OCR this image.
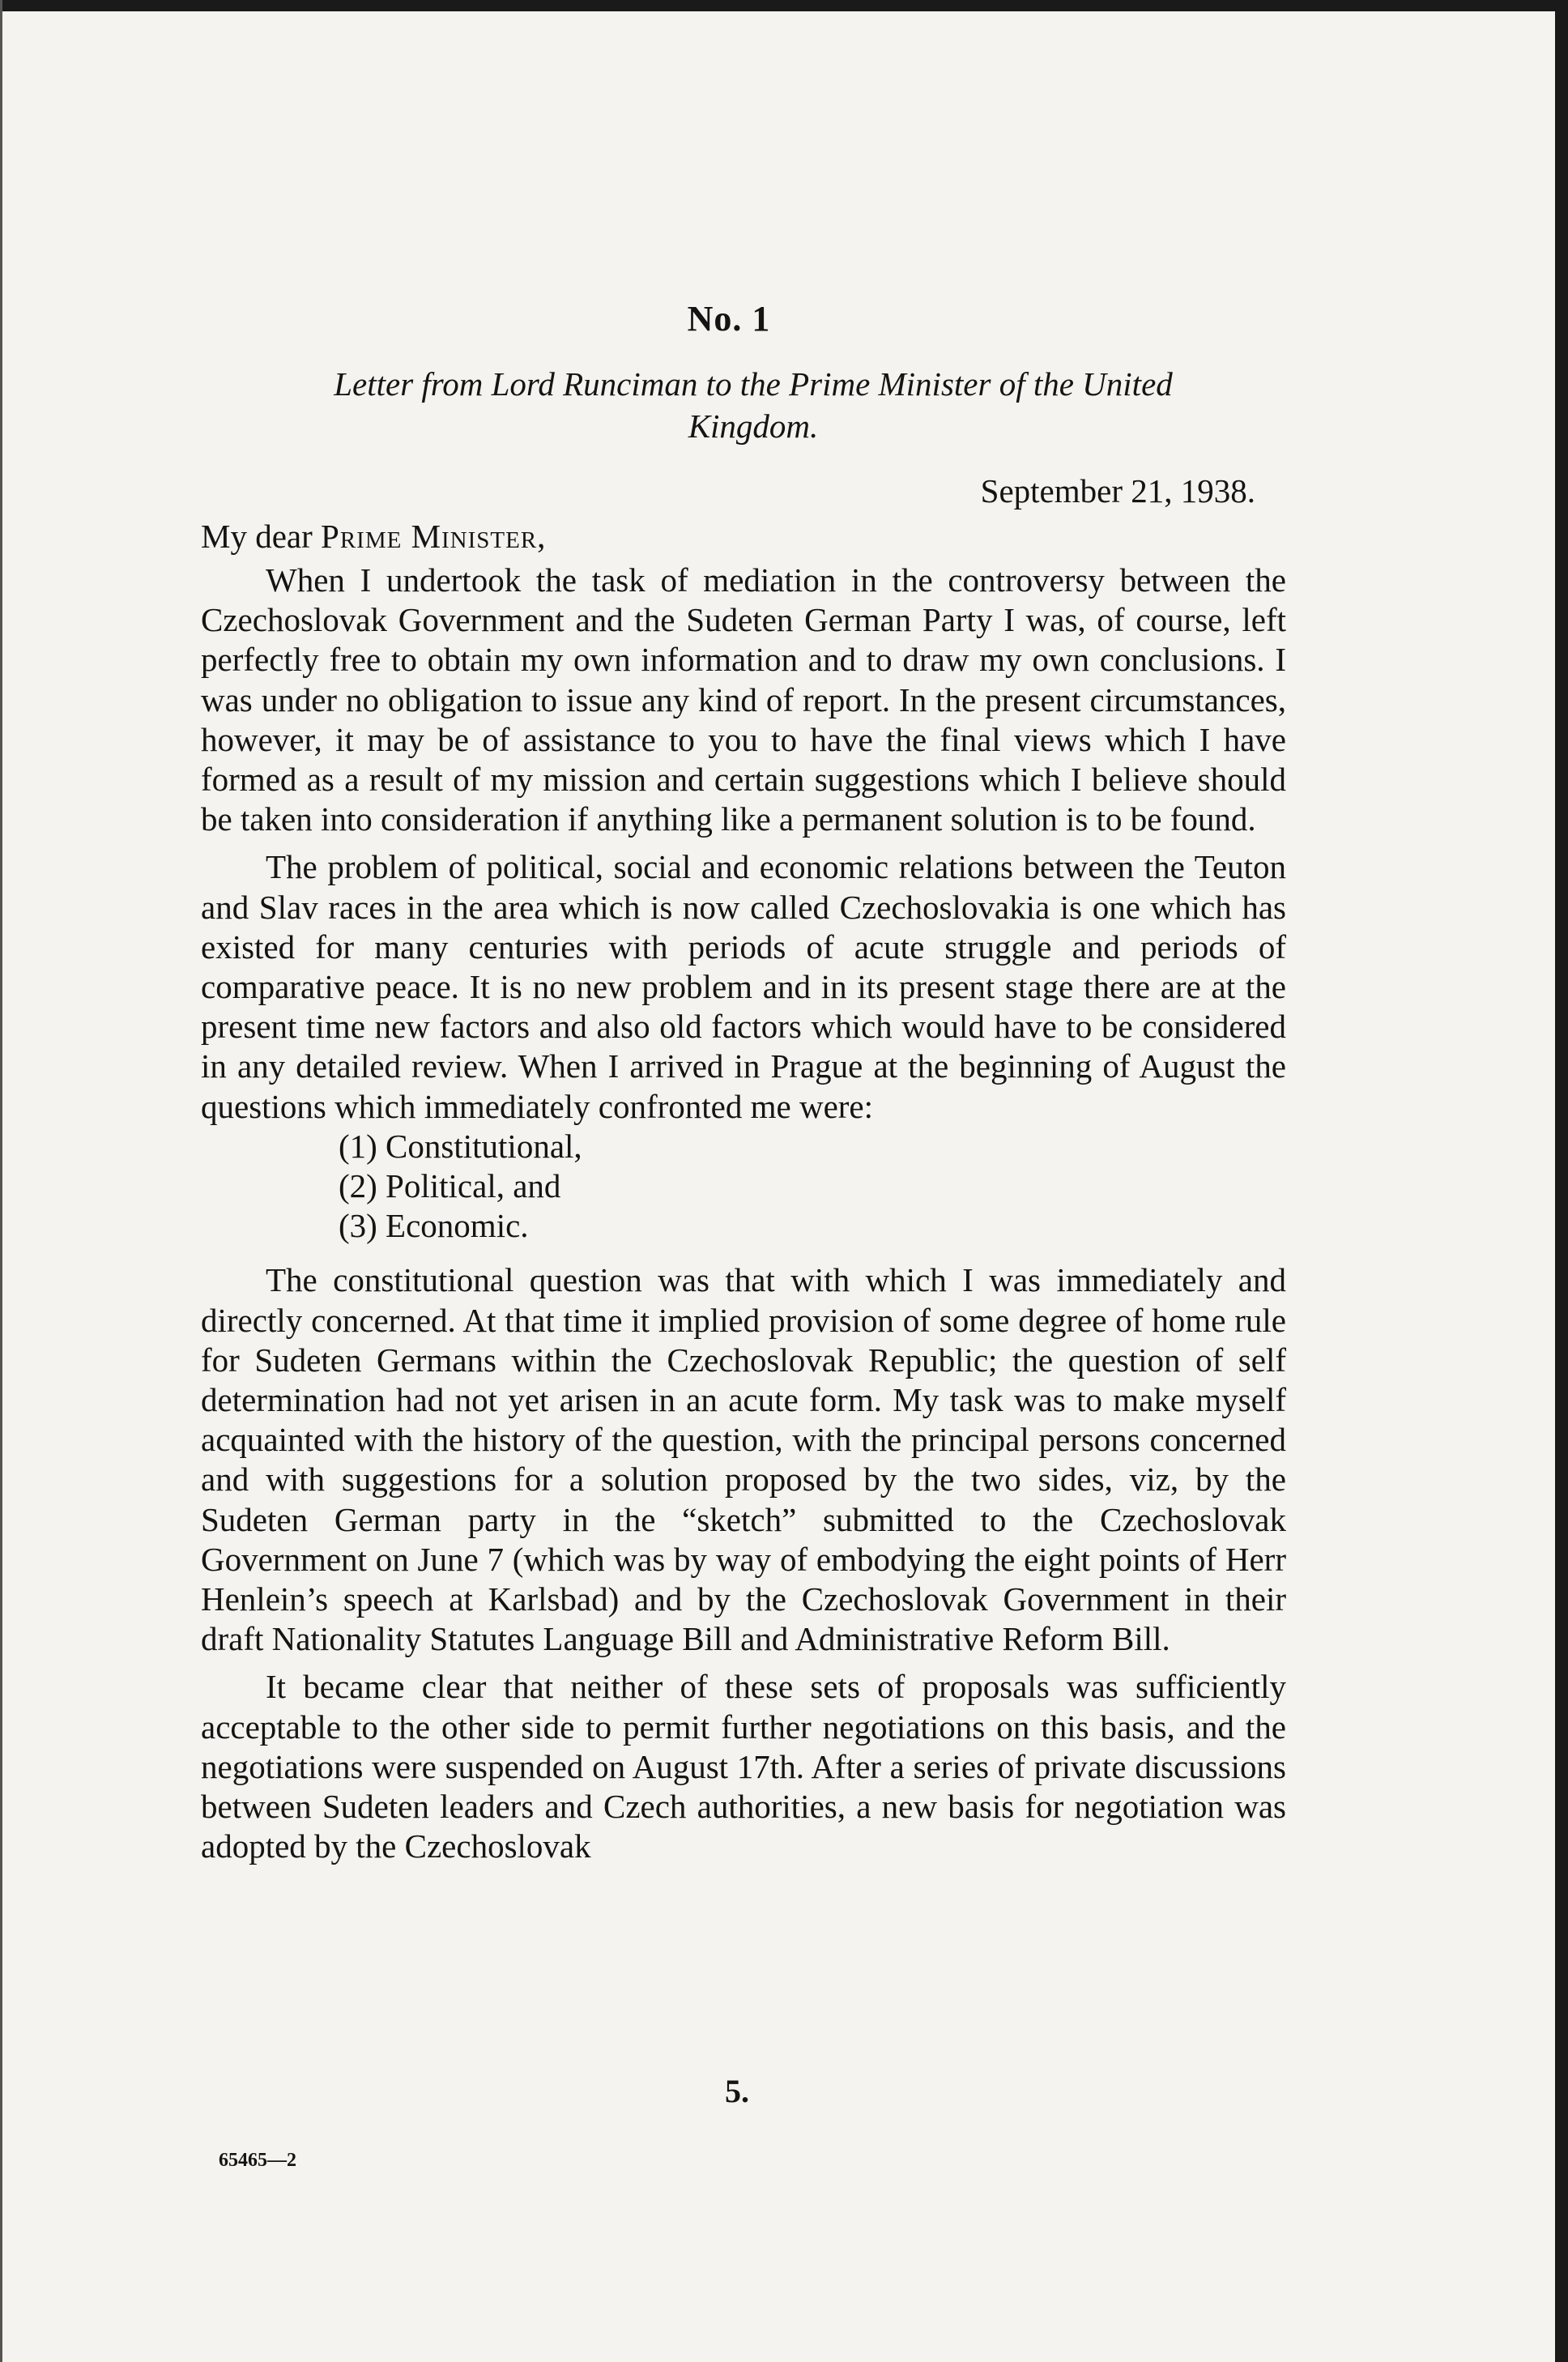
No. 1
Letter from Lord Runciman to the Prime Minister of the United Kingdom.
September 21, 1938.
My dear Prime Minister,

When I undertook the task of mediation in the controversy between the Czechoslovak Government and the Sudeten German Party I was, of course, left perfectly free to obtain my own information and to draw my own conclusions. I was under no obligation to issue any kind of report. In the present circumstances, however, it may be of assistance to you to have the final views which I have formed as a result of my mission and certain suggestions which I believe should be taken into consideration if anything like a permanent solution is to be found.

The problem of political, social and economic relations between the Teuton and Slav races in the area which is now called Czechoslovakia is one which has existed for many centuries with periods of acute struggle and periods of comparative peace. It is no new problem and in its present stage there are at the present time new factors and also old factors which would have to be considered in any detailed review. When I arrived in Prague at the beginning of August the questions which immediately confronted me were:

(1) Constitutional,
(2) Political, and
(3) Economic.

The constitutional question was that with which I was immediately and directly concerned. At that time it implied provision of some degree of home rule for Sudeten Germans within the Czechoslovak Republic; the question of self determination had not yet arisen in an acute form. My task was to make myself acquainted with the history of the question, with the principal persons concerned and with suggestions for a solution proposed by the two sides, viz, by the Sudeten German party in the “sketch” submitted to the Czechoslovak Government on June 7 (which was by way of embodying the eight points of Herr Henlein’s speech at Karlsbad) and by the Czechoslovak Government in their draft Nationality Statutes Language Bill and Administrative Reform Bill.

It became clear that neither of these sets of proposals was sufficiently acceptable to the other side to permit further negotiations on this basis, and the negotiations were suspended on August 17th. After a series of private discussions between Sudeten leaders and Czech authorities, a new basis for negotiation was adopted by the Czechoslovak

5.
65465—2
